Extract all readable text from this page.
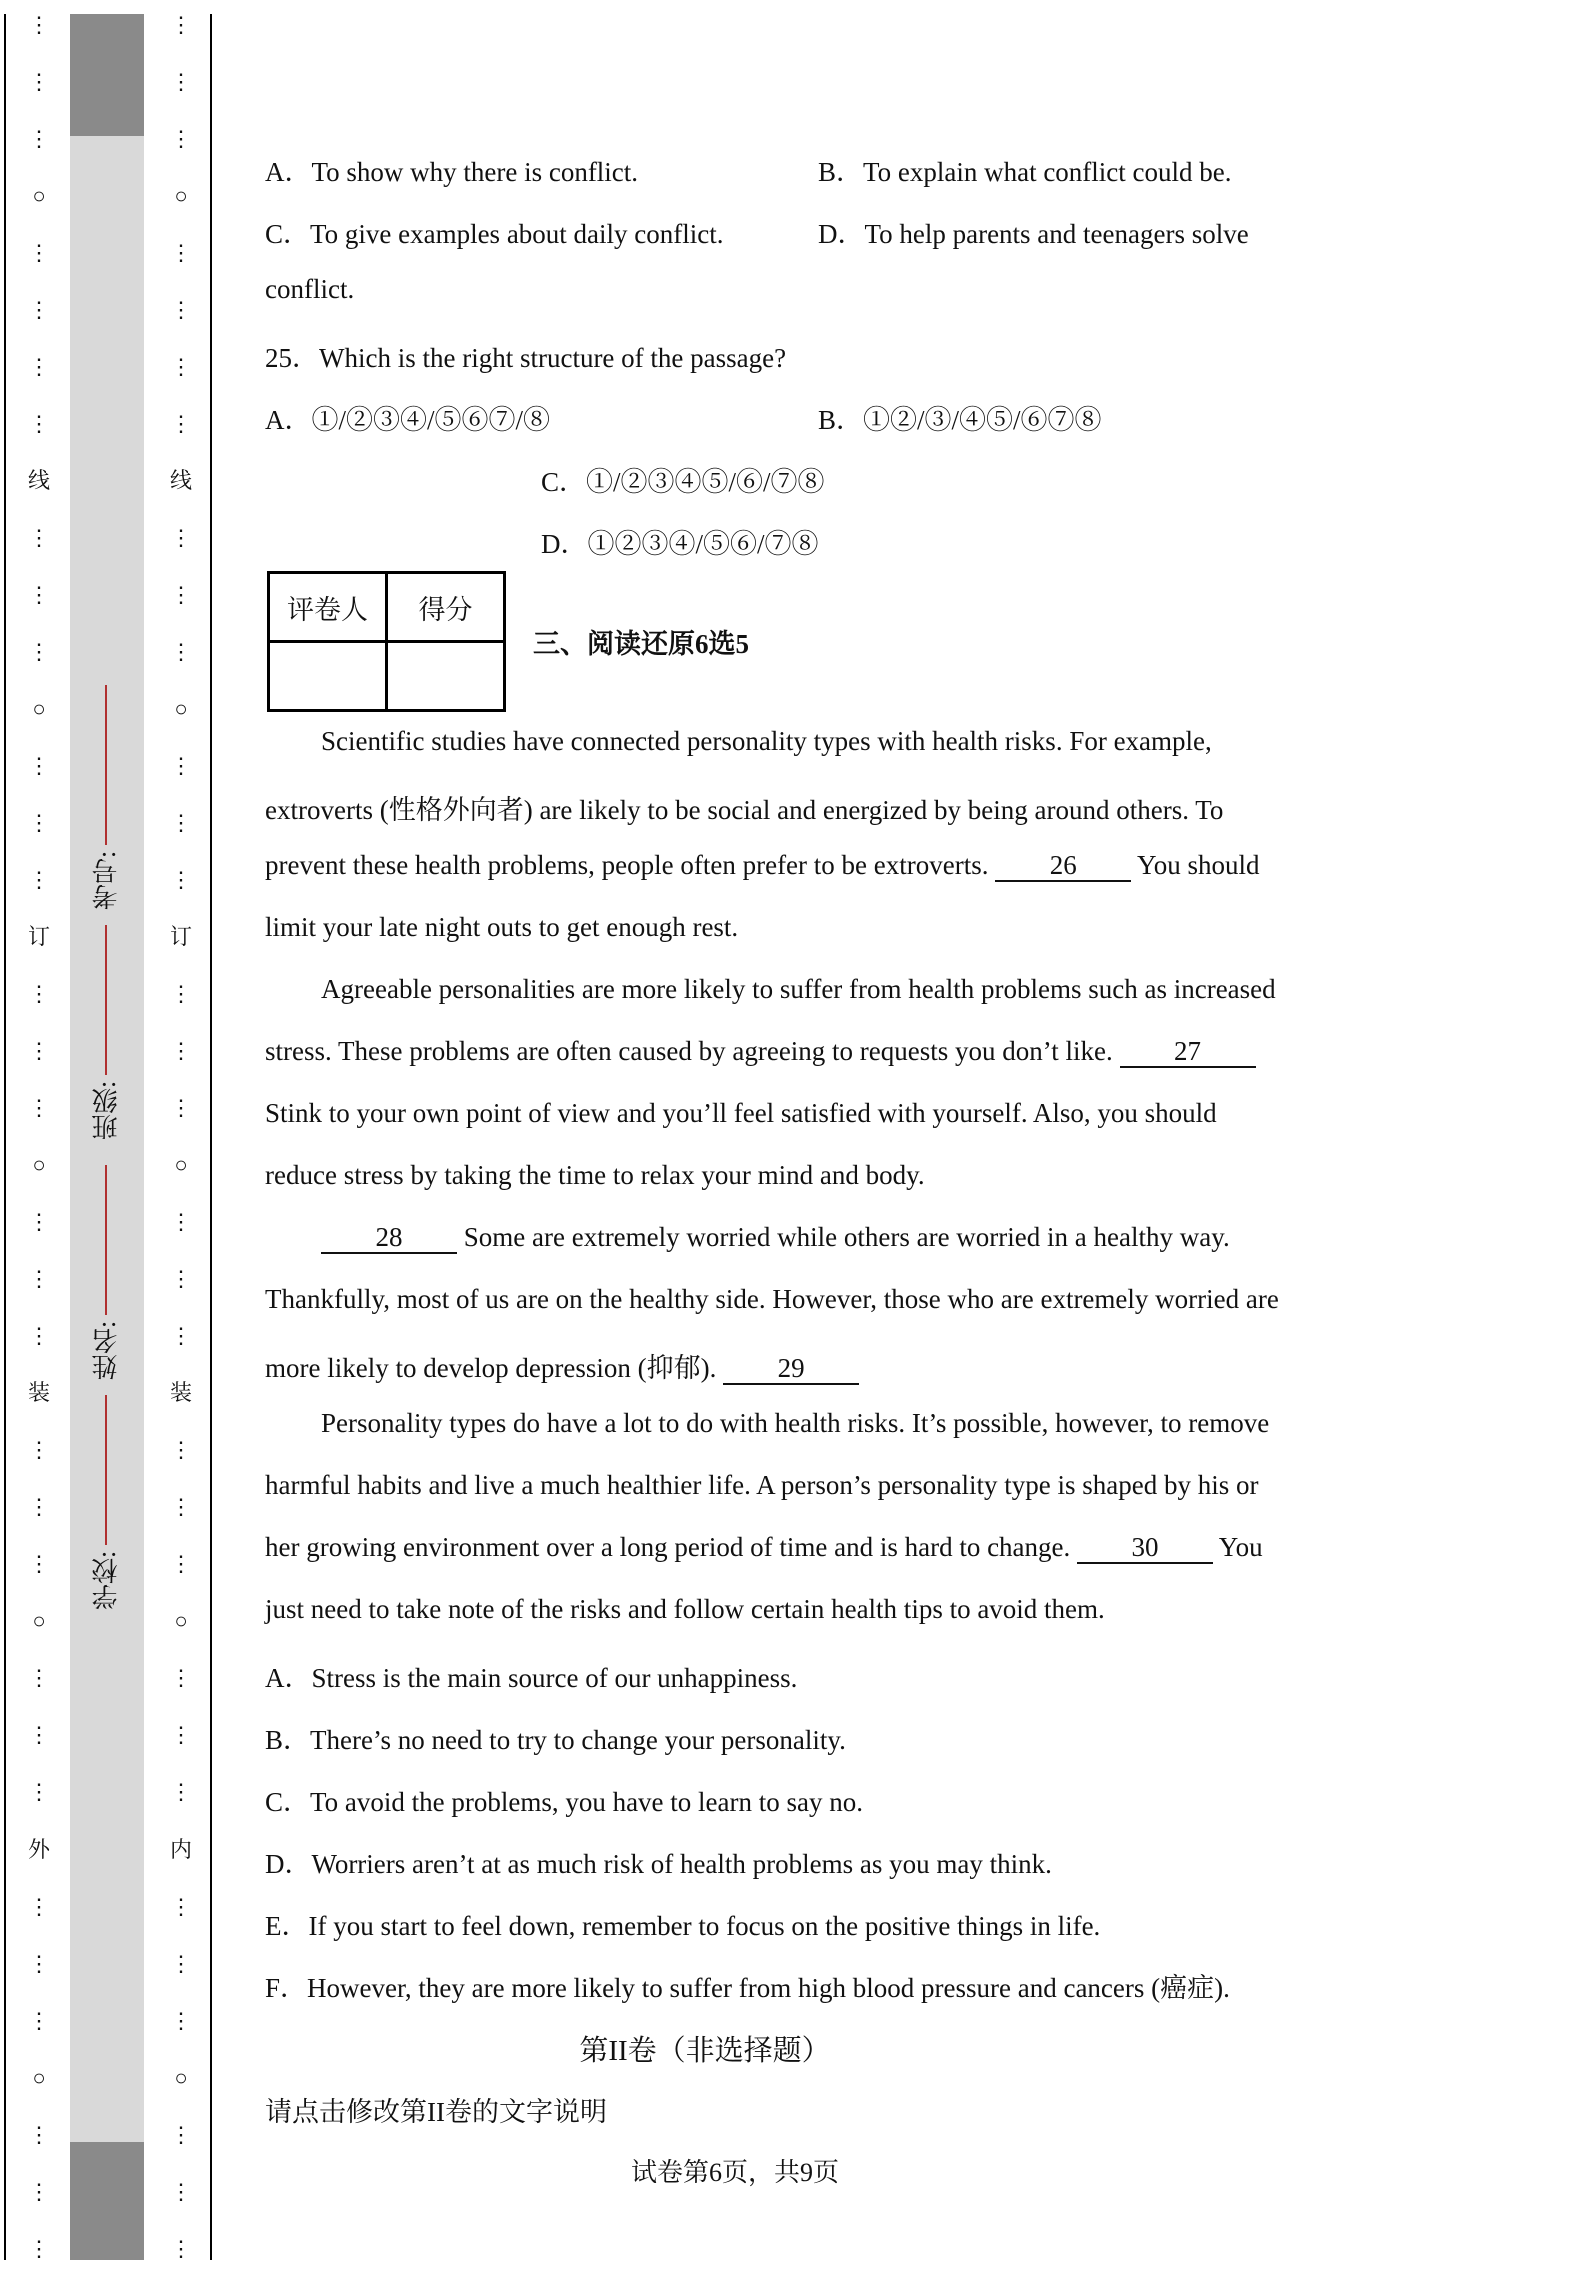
⋮
⋮
⋮
○
⋮
⋮
⋮
⋮
线
⋮
⋮
⋮
○
⋮
⋮
⋮
订
⋮
⋮
⋮
○
⋮
⋮
⋮
装
⋮
⋮
⋮
○
⋮
⋮
⋮
外
⋮
⋮
⋮
○
⋮
⋮
⋮
学校:
姓名:
班级:
考号:
⋮
⋮
⋮
○
⋮
⋮
⋮
⋮
线
⋮
⋮
⋮
○
⋮
⋮
⋮
订
⋮
⋮
⋮
○
⋮
⋮
⋮
装
⋮
⋮
⋮
○
⋮
⋮
⋮
内
⋮
⋮
⋮
○
⋮
⋮
⋮
A．To show why there is conflict.	B．To explain what conflict could be.
C．To give examples about daily conflict.	D．To help parents and teenagers solve
conflict.
25．Which is the right structure of the passage?
A．①/②③④/⑤⑥⑦/⑧	B．①②/③/④⑤/⑥⑦⑧
C．①/②③④⑤/⑥/⑦⑧
D．①②③④/⑤⑥/⑦⑧
三、阅读还原6选5
Scientific studies have connected personality types with health risks. For example,
extroverts (性格外向者) are likely to be social and energized by being around others. To
prevent these health problems, people often prefer to be extroverts. 26 You should
limit your late night outs to get enough rest.
Agreeable personalities are more likely to suffer from health problems such as increased
stress. These problems are often caused by agreeing to requests you don’t like. 27
Stink to your own point of view and you’ll feel satisfied with yourself. Also, you should
reduce stress by taking the time to relax your mind and body.
28 Some are extremely worried while others are worried in a healthy way.
Thankfully, most of us are on the healthy side. However, those who are extremely worried are
more likely to develop depression (抑郁). 29
Personality types do have a lot to do with health risks. It’s possible, however, to remove
harmful habits and live a much healthier life. A person’s personality type is shaped by his or
her growing environment over a long period of time and is hard to change. 30 You
just need to take note of the risks and follow certain health tips to avoid them.
A．Stress is the main source of our unhappiness.
B．There’s no need to try to change your personality.
C．To avoid the problems, you have to learn to say no.
D．Worriers aren’t at as much risk of health problems as you may think.
E．If you start to feel down, remember to focus on the positive things in life.
F．However, they are more likely to suffer from high blood pressure and cancers (癌症).
第II卷（非选择题）
请点击修改第II卷的文字说明
试卷第6页，共9页
评卷人	得分
